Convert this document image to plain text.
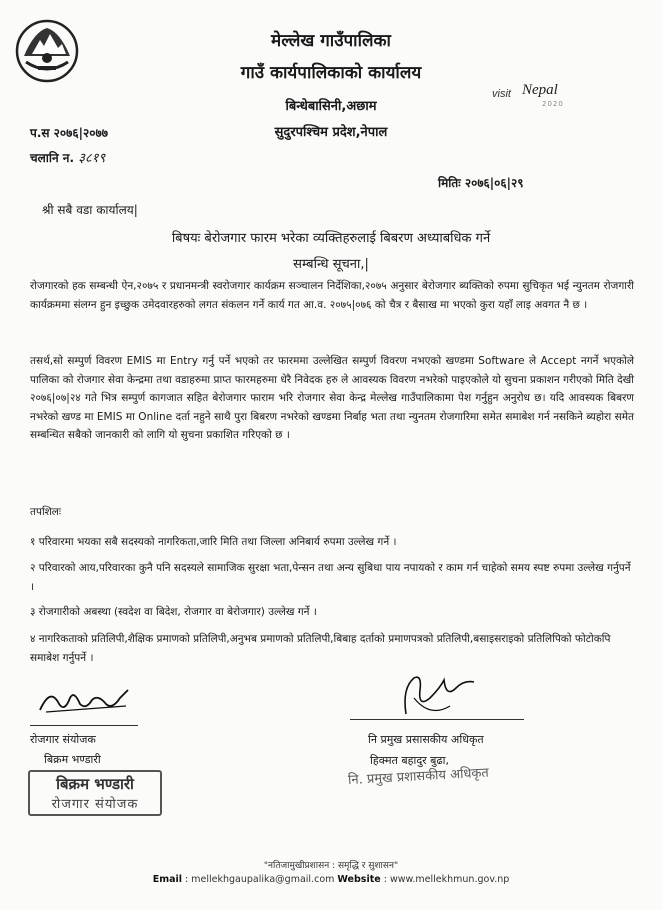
visit Nepal
2020
मेल्लेख गाउँपालिका
गाउँ कार्यपालिकाको कार्यालय
बिन्धेबासिनी,अछाम
सुदुरपश्चिम प्रदेश,नेपाल
प.स २०७६|२०७७
चलानि न. ३८१९
मितिः २०७६|०६|२९
श्री सबै वडा कार्यालय|
बिषयः बेरोजगार फारम भरेका व्यक्तिहरुलाई बिबरण अध्याबधिक गर्ने
सम्बन्धि सूचना,|
रोजगारको हक सम्बन्धी ऐन,२०७५ र प्रधानमन्त्री स्वरोजगार कार्यक्रम सञ्चालन निर्देशिका,२०७५ अनुसार बेरोजगार ब्यक्तिको रुपमा सुचिकृत भई न्युनतम रोजगारी कार्यक्रममा संलग्न हुन इच्छुक उमेदवारहरुको लगत संकलन गर्ने कार्य गत आ.व. २०७५|०७६ को चैत्र र बैसाख मा भएको कुरा यहाँ लाइ अवगत नै छ ।
तसर्थ,सो सम्पुर्ण विवरण EMIS मा Entry गर्नु पर्ने भएको तर फारममा उल्लेखित सम्पुर्ण विवरण नभएको खण्डमा Software ले Accept नगर्ने भएकोले पालिका को रोजगार सेवा केन्द्रमा तथा वडाहरुमा प्राप्त फारमहरुमा धेरै निवेदक हरु ले आवस्यक विवरण नभरेको पाइएकोले यो सुचना प्रकाशन गरीएको मिति देखी २०७६|०७|२४ गते भित्र सम्पुर्ण कागजात सहित बेरोजगार फाराम भरि रोजगार सेवा केन्द्र मेल्लेख गाउँपालिकामा पेश गर्नुहुन अनुरोध छ। यदि आवस्यक बिबरण नभरेको खण्ड मा EMIS मा Online दर्ता नहुने साथै पुरा बिबरण नभरेको खण्डमा निर्बाह भता तथा न्युनतम रोजगारिमा समेत समाबेश गर्न नसकिने ब्यहोरा समेत सम्बन्धित सबैको जानकारी को लागि यो सुचना प्रकाशित गरिएको छ ।
तपशिलः
१ परिवारमा भयका सबै सदस्यको नागरिकता,जारि मिति तथा जिल्ला अनिबार्य रुपमा उल्लेख गर्ने ।
२ परिवारको आय,परिवारका कुनै पनि सदस्यले सामाजिक सुरक्षा भता,पेन्सन तथा अन्य सुबिधा पाय नपायको र काम गर्न चाहेको समय स्पष्ट रुपमा उल्लेख गर्नुपर्ने ।
३ रोजगारीको अबस्था (स्वदेश वा बिदेश, रोजगार वा बेरोजगार) उल्लेख गर्ने ।
४ नागरिकताको प्रतिलिपी,शैक्षिक प्रमाणको प्रतिलिपी,अनुभब प्रमाणको प्रतिलिपी,बिबाह दर्ताको प्रमाणपत्रको प्रतिलिपी,बसाइसराइको प्रतिलिपिको फोटोकपि समाबेश गर्नुपर्ने ।
रोजगार संयोजक
बिक्रम भण्डारी
नि प्रमुख प्रसासकीय अधिकृत
हिक्मत बहादुर बुढा,
बिक्रम भण्डारी
रोजगार संयोजक
नि. प्रमुख प्रशासकीय अधिकृत
"नतिजामुखीप्रशासन : समृद्धि र सुशासन"
Email : mellekhgaupalika@gmail.com Website : www.mellekhmun.gov.np
